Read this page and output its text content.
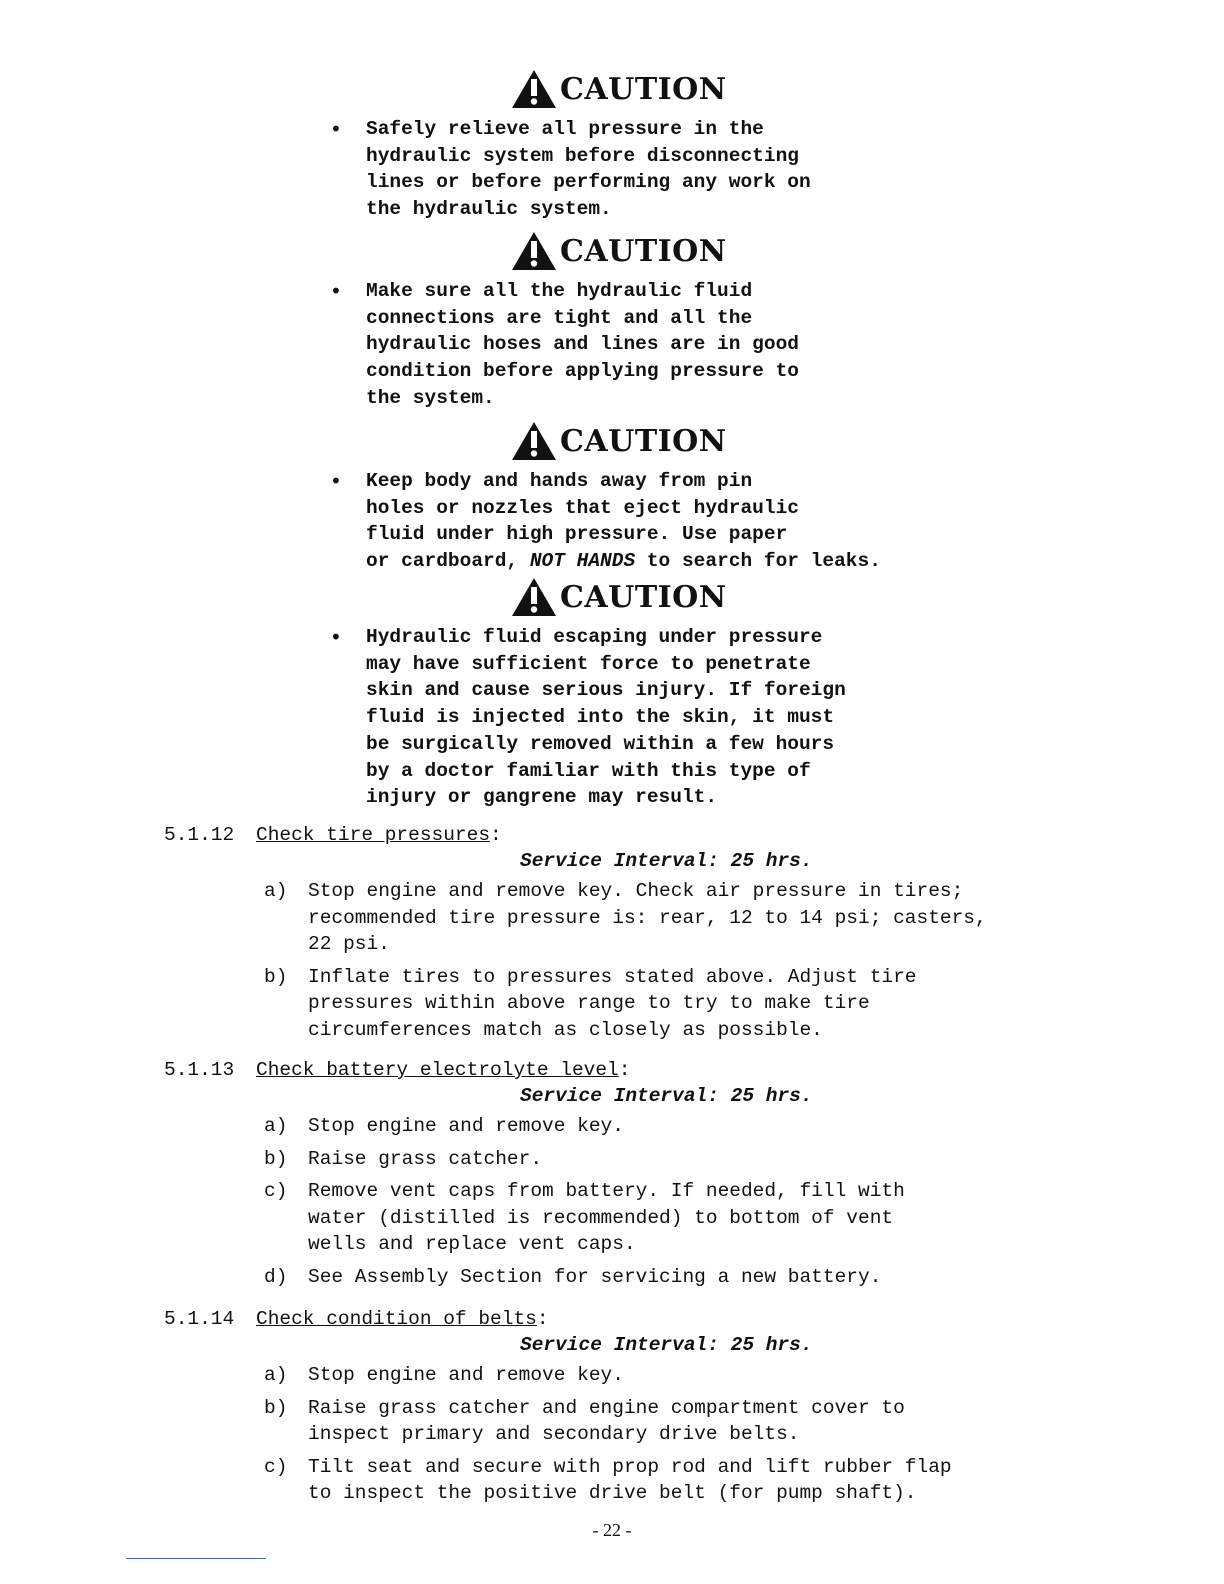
CAUTION
•	Safely relieve all pressure in the
hydraulic system before disconnecting
lines or before performing any work on
the hydraulic system.
CAUTION
•	Make sure all the hydraulic fluid
connections are tight and all the
hydraulic hoses and lines are in good
condition before applying pressure to
the system.
CAUTION
•	Keep body and hands away from pin
holes or nozzles that eject hydraulic
fluid under high pressure. Use paper
or cardboard, NOT HANDS to search for leaks.
CAUTION
•	Hydraulic fluid escaping under pressure
may have sufficient force to penetrate
skin and cause serious injury. If foreign
fluid is injected into the skin, it must
be surgically removed within a few hours
by a doctor familiar with this type of
injury or gangrene may result.
5.1.12 Check tire pressures:
Service Interval: 25 hrs.
a)	Stop engine and remove key. Check air pressure in tires;
recommended tire pressure is: rear, 12 to 14 psi; casters,
22 psi.
b)	Inflate tires to pressures stated above. Adjust tire
pressures within above range to try to make tire
circumferences match as closely as possible.
5.1.13 Check battery electrolyte level:
Service Interval: 25 hrs.
a)	Stop engine and remove key.
b)	Raise grass catcher.
c)	Remove vent caps from battery. If needed, fill with
water (distilled is recommended) to bottom of vent
wells and replace vent caps.
d)	See Assembly Section for servicing a new battery.
5.1.14 Check condition of belts:
Service Interval: 25 hrs.
a)	Stop engine and remove key.
b)	Raise grass catcher and engine compartment cover to
inspect primary and secondary drive belts.
c)	Tilt seat and secure with prop rod and lift rubber flap
to inspect the positive drive belt (for pump shaft).
- 22 -
